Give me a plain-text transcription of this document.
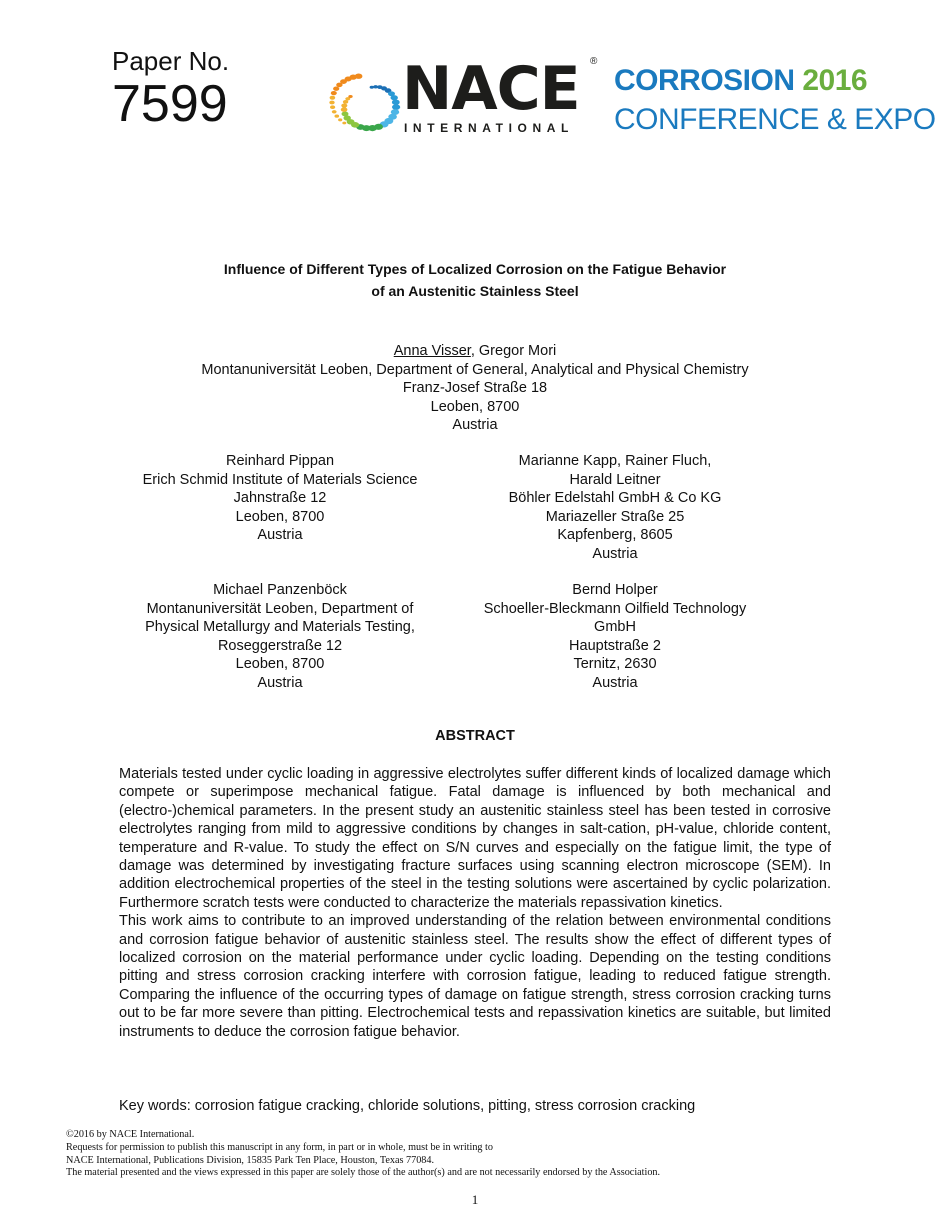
Paper No.
7599	NACE ®
INTERNATIONAL
CORROSION 2016
CONFERENCE & EXPO
Influence of Different Types of Localized Corrosion on the Fatigue Behavior
of an Austenitic Stainless Steel
Anna Visser, Gregor Mori
Montanuniversität Leoben, Department of General, Analytical and Physical Chemistry
Franz-Josef Straße 18
Leoben, 8700
Austria
Reinhard Pippan
Erich Schmid Institute of Materials Science
Jahnstraße 12
Leoben, 8700
Austria
Marianne Kapp, Rainer Fluch,
Harald Leitner
Böhler Edelstahl GmbH & Co KG
Mariazeller Straße 25
Kapfenberg, 8605
Austria
Michael Panzenböck
Montanuniversität Leoben, Department of
Physical Metallurgy and Materials Testing,
Roseggerstraße 12
Leoben, 8700
Austria
Bernd Holper
Schoeller-Bleckmann Oilfield Technology
GmbH
Hauptstraße 2
Ternitz, 2630
Austria
ABSTRACT

Materials tested under cyclic loading in aggressive electrolytes suffer different kinds of localized damage which compete or superimpose mechanical fatigue. Fatal damage is influenced by both mechanical and (electro-)chemical parameters. In the present study an austenitic stainless steel has been tested in corrosive electrolytes ranging from mild to aggressive conditions by changes in salt-cation, pH-value, chloride content, temperature and R-value. To study the effect on S/N curves and especially on the fatigue limit, the type of damage was determined by investigating fracture surfaces using scanning electron microscope (SEM). In addition electrochemical properties of the steel in the testing solutions were ascertained by cyclic polarization. Furthermore scratch tests were conducted to characterize the materials repassivation kinetics.

This work aims to contribute to an improved understanding of the relation between environmental conditions and corrosion fatigue behavior of austenitic stainless steel. The results show the effect of different types of localized corrosion on the material performance under cyclic loading. Depending on the testing conditions pitting and stress corrosion cracking interfere with corrosion fatigue, leading to reduced fatigue strength. Comparing the influence of the occurring types of damage on fatigue strength, stress corrosion cracking turns out to be far more severe than pitting. Electrochemical tests and repassivation kinetics are suitable, but limited instruments to deduce the corrosion fatigue behavior.

Key words: corrosion fatigue cracking, chloride solutions, pitting, stress corrosion cracking
©2016 by NACE International.
Requests for permission to publish this manuscript in any form, in part or in whole, must be in writing to
NACE International, Publications Division, 15835 Park Ten Place, Houston, Texas 77084.
The material presented and the views expressed in this paper are solely those of the author(s) and are not necessarily endorsed by the Association.
1
